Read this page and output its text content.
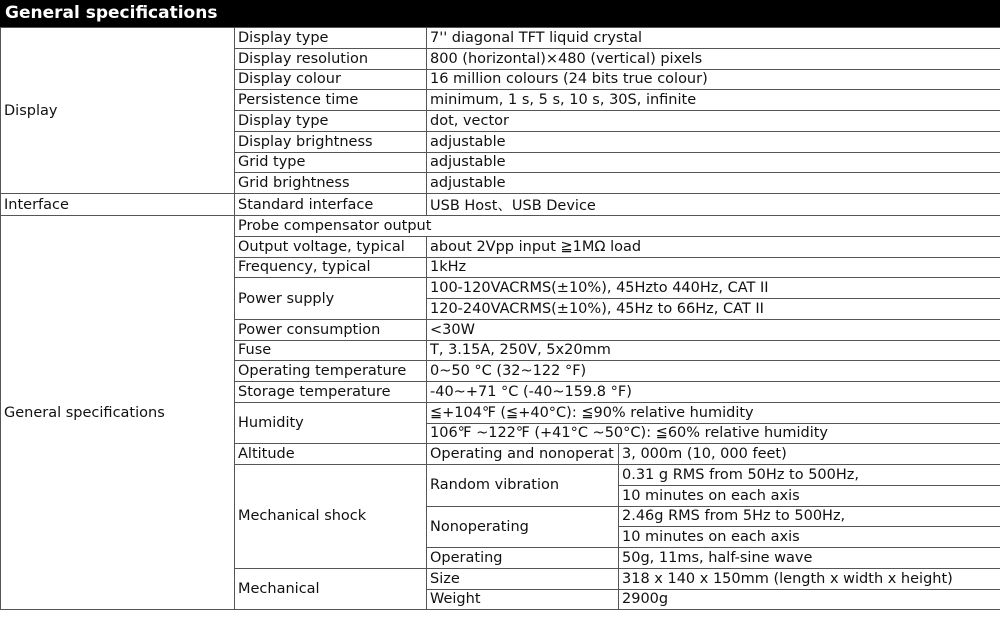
General specifications
Display	Display type	7'' diagonal TFT liquid crystal	
	Display resolution	800 (horizontal)×480 (vertical) pixels	
	Display colour	16 million colours (24 bits true colour)	
	Persistence time	minimum, 1 s, 5 s, 10 s, 30S, infinite	
	Display type	dot, vector	
	Display brightness	adjustable	
	Grid type	adjustable	
	Grid brightness	adjustable	
Interface	Standard interface	USB Host、USB Device	
General specifications	Probe compensator output		
	Output voltage, typical	about 2Vpp input ≧1MΩ load	
	Frequency, typical	1kHz	
	Power supply	100-120VACRMS(±10%), 45Hzto 440Hz, CAT II	
		120-240VACRMS(±10%), 45Hz to 66Hz, CAT II	
	Power consumption	<30W	
	Fuse	T, 3.15A, 250V, 5x20mm	
	Operating temperature	0~50 °C (32~122 °F)	
	Storage temperature	-40~+71 °C (-40~159.8 °F)	
	Humidity	≦+104℉ (≦+40°C): ≦90% relative humidity	
		106℉ ~122℉ (+41°C ~50°C): ≦60% relative humidity	
	Altitude	Operating and nonoperat	3, 000m (10, 000 feet)
	Mechanical shock	Random vibration	0.31 g RMS from 50Hz to 500Hz,
			10 minutes on each axis
		Nonoperating	2.46g RMS from 5Hz to 500Hz,
			10 minutes on each axis
		Operating	50g, 11ms, half-sine wave
	Mechanical	Size	318 x 140 x 150mm (length x width x height)
		Weight	2900g
